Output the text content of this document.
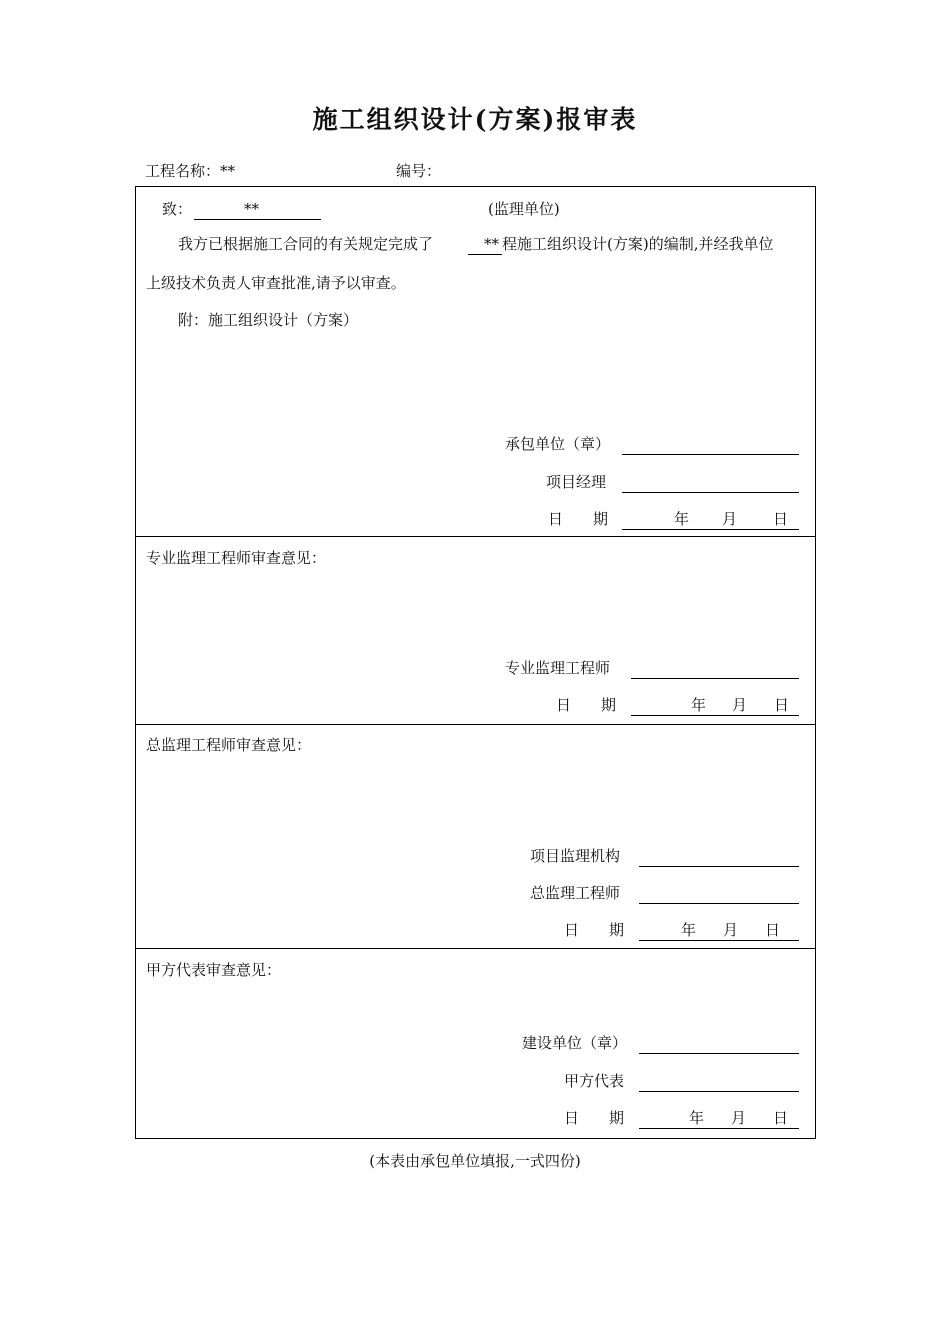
施工组织设计(方案)报审表
工程名称：**	编号：
致：	**	(监理单位)
我方已根据施工合同的有关规定完成了	** 程施工组织设计(方案)的编制,并经我单位
上级技术负责人审查批准,请予以审查。
附：施工组织设计（方案）
承包单位（章）
项目经理
日　　期	年 月 日
专业监理工程师审查意见：
专业监理工程师
日　　期	年 月 日
总监理工程师审查意见：
项目监理机构
总监理工程师
日　　期	年 月 日
甲方代表审查意见：
建设单位（章）
甲方代表
日　　期	年 月 日
(本表由承包单位填报,一式四份)
